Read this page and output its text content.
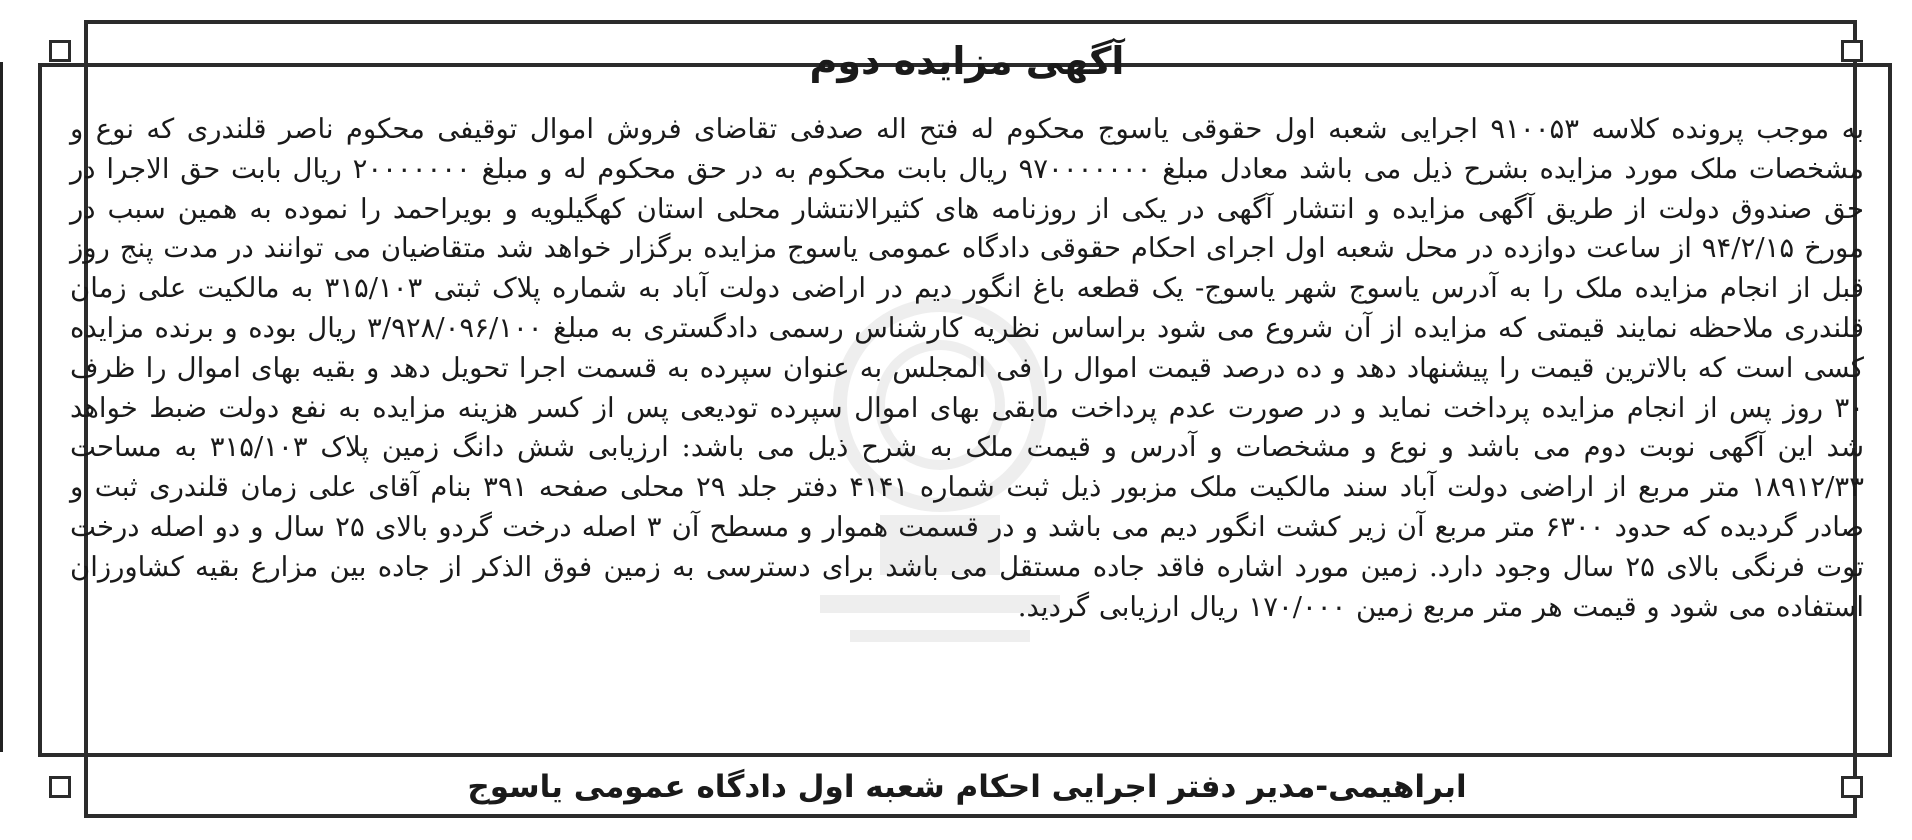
آگهی مزایده دوم
به موجب پرونده کلاسه ۹۱۰۰۵۳ اجرایی شعبه اول حقوقی یاسوج محکوم له فتح اله صدفی تقاضای فروش اموال توقیفی محکوم ناصر قلندری که نوع و مشخصات ملک مورد مزایده بشرح ذیل می باشد معادل مبلغ ۹۷۰۰۰۰۰۰۰ ریال بابت محکوم به در حق محکوم له و مبلغ ۲۰۰۰۰۰۰۰ ریال بابت حق الاجرا در حق صندوق دولت از طریق آگهی مزایده و انتشار آگهی در یکی از روزنامه های کثیرالانتشار محلی استان کهگیلویه و بویراحمد را نموده به همین سبب در مورخ ۹۴/۲/۱۵ از ساعت دوازده در محل شعبه اول اجرای احکام حقوقی دادگاه عمومی یاسوج مزایده برگزار خواهد شد متقاضیان می توانند در مدت پنج روز قبل از انجام مزایده ملک را به آدرس یاسوج شهر یاسوج- یک قطعه باغ انگور دیم در اراضی دولت آباد به شماره پلاک ثبتی ۳۱۵/۱۰۳ به مالکیت علی زمان قلندری ملاحظه نمایند قیمتی که مزایده از آن شروع می شود براساس نظریه کارشناس رسمی دادگستری به مبلغ ۳/۹۲۸/۰۹۶/۱۰۰ ریال بوده و برنده مزایده کسی است که بالاترین قیمت را پیشنهاد دهد و ده درصد قیمت اموال را فی المجلس به عنوان سپرده به قسمت اجرا تحویل دهد و بقیه بهای اموال را ظرف ۳۰ روز پس از انجام مزایده پرداخت نماید و در صورت عدم پرداخت مابقی بهای اموال سپرده تودیعی پس از کسر هزینه مزایده به نفع دولت ضبط خواهد شد این آگهی نوبت دوم می باشد و نوع و مشخصات و آدرس و قیمت ملک به شرح ذیل می باشد: ارزیابی شش دانگ زمین پلاک ۳۱۵/۱۰۳ به مساحت ۱۸۹۱۲/۳۳ متر مربع از اراضی دولت آباد سند مالکیت ملک مزبور ذیل ثبت شماره ۴۱۴۱ دفتر جلد ۲۹ محلی صفحه ۳۹۱ بنام آقای علی زمان قلندری ثبت و صادر گردیده که حدود ۶۳۰۰ متر مربع آن زیر کشت انگور دیم می باشد و در قسمت هموار و مسطح آن ۳ اصله درخت گردو بالای ۲۵ سال و دو اصله درخت توت فرنگی بالای ۲۵ سال وجود دارد. زمین مورد اشاره فاقد جاده مستقل می باشد برای دسترسی به زمین فوق الذکر از جاده بین مزارع بقیه کشاورزان استفاده می شود و قیمت هر متر مربع زمین ۱۷۰/۰۰۰ ریال ارزیابی گردید.
ابراهیمی-مدیر دفتر اجرایی احکام شعبه اول دادگاه عمومی یاسوج
